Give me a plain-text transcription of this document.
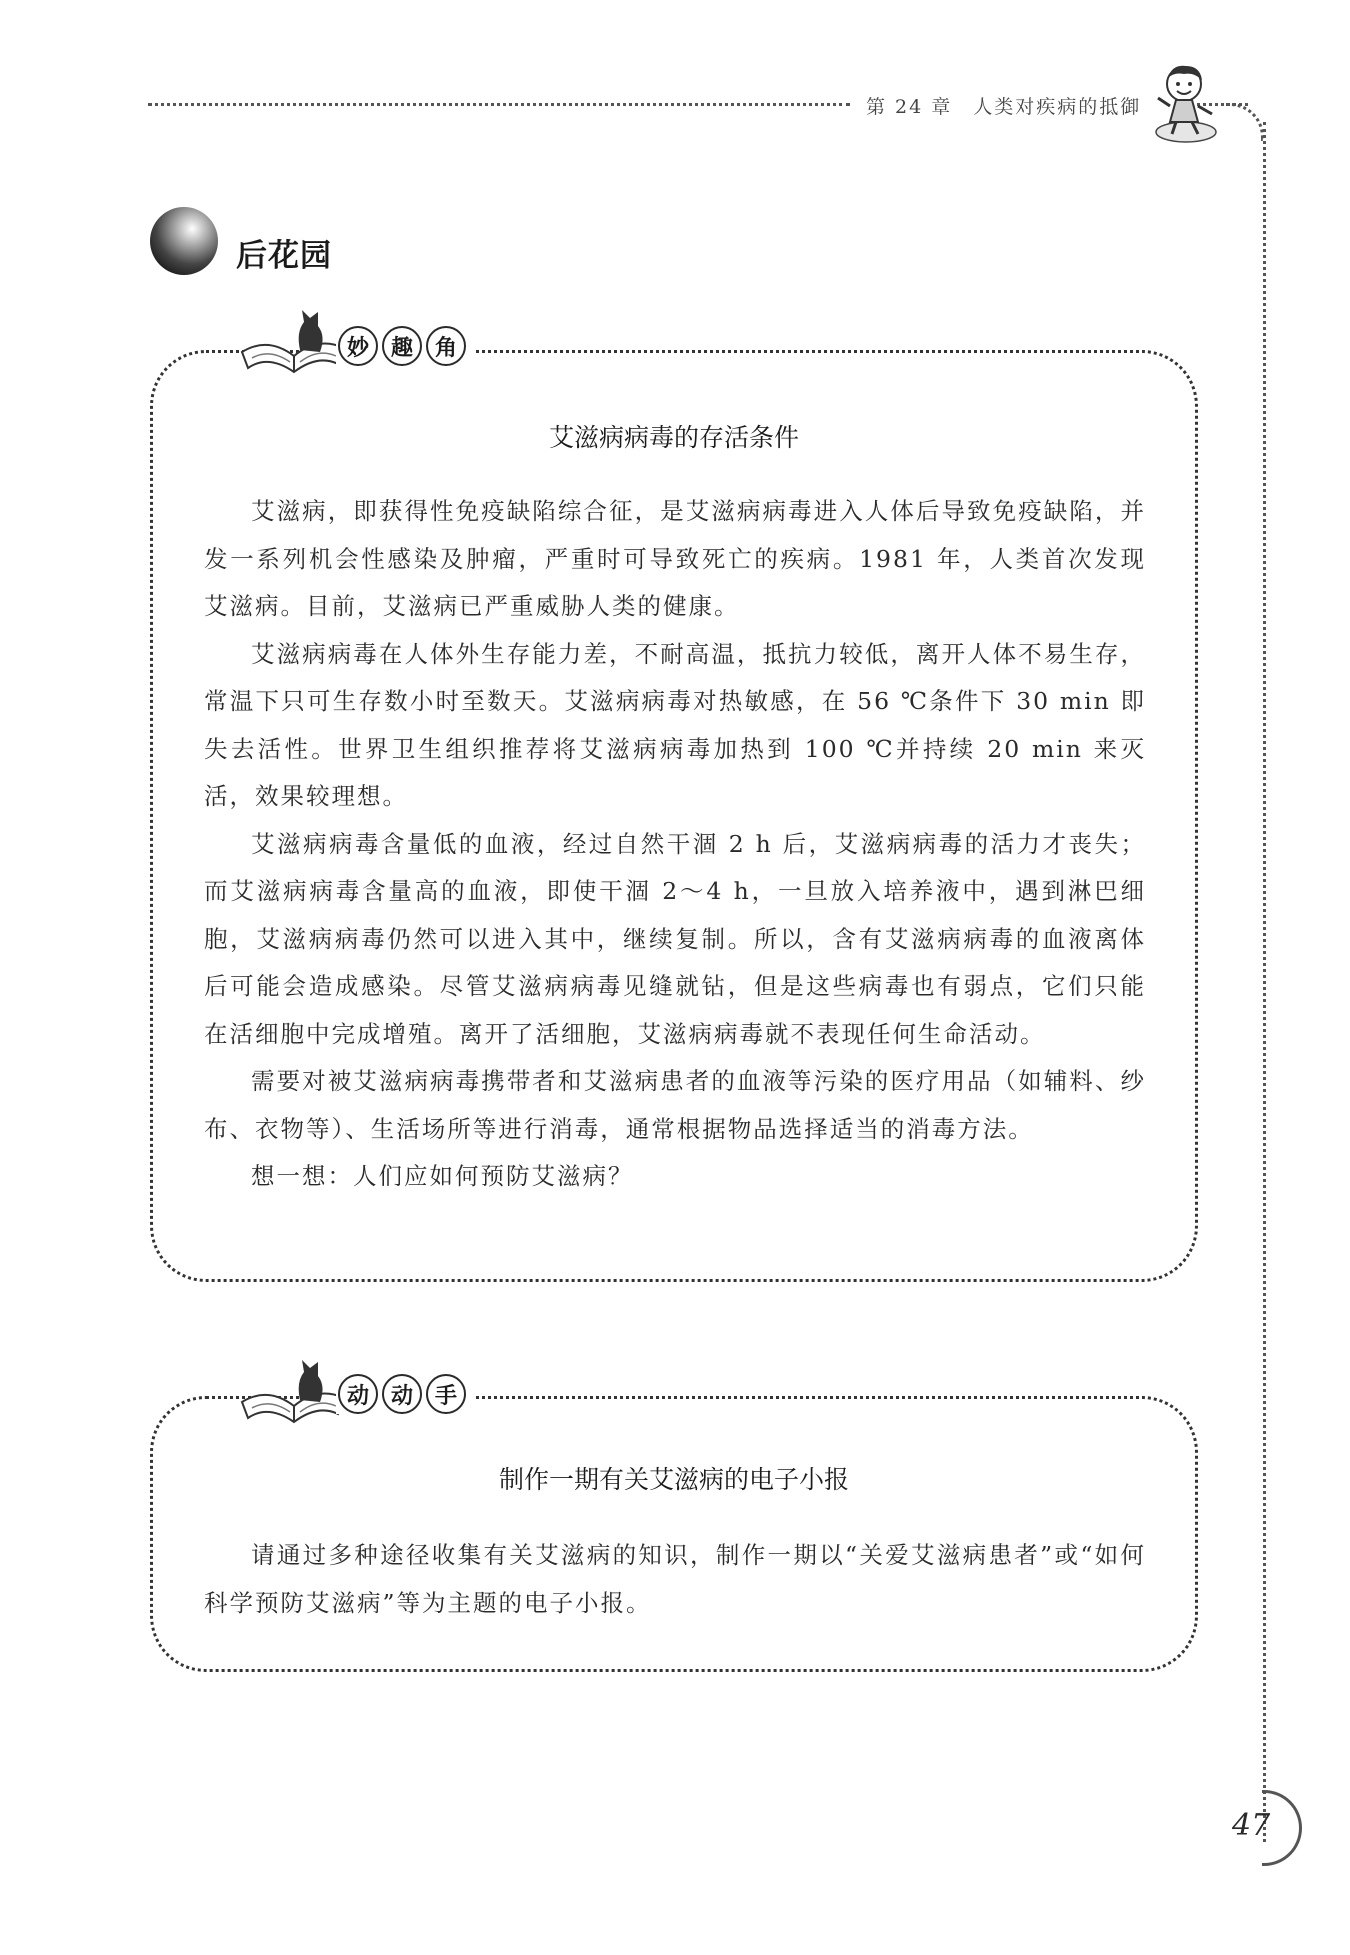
第 24 章　人类对疾病的抵御
后花园
妙 趣 角
艾滋病病毒的存活条件

艾滋病，即获得性免疫缺陷综合征，是艾滋病病毒进入人体后导致免疫缺陷，并发一系列机会性感染及肿瘤，严重时可导致死亡的疾病。1981 年，人类首次发现艾滋病。目前，艾滋病已严重威胁人类的健康。

艾滋病病毒在人体外生存能力差，不耐高温，抵抗力较低，离开人体不易生存，常温下只可生存数小时至数天。艾滋病病毒对热敏感，在 56 ℃条件下 30 min 即失去活性。世界卫生组织推荐将艾滋病病毒加热到 100 ℃并持续 20 min 来灭活，效果较理想。

艾滋病病毒含量低的血液，经过自然干涸 2 h 后，艾滋病病毒的活力才丧失；而艾滋病病毒含量高的血液，即使干涸 2～4 h，一旦放入培养液中，遇到淋巴细胞，艾滋病病毒仍然可以进入其中，继续复制。所以，含有艾滋病病毒的血液离体后可能会造成感染。尽管艾滋病病毒见缝就钻，但是这些病毒也有弱点，它们只能在活细胞中完成增殖。离开了活细胞，艾滋病病毒就不表现任何生命活动。

需要对被艾滋病病毒携带者和艾滋病患者的血液等污染的医疗用品（如辅料、纱布、衣物等）、生活场所等进行消毒，通常根据物品选择适当的消毒方法。

想一想：人们应如何预防艾滋病？

动 动 手
制作一期有关艾滋病的电子小报

请通过多种途径收集有关艾滋病的知识，制作一期以“关爱艾滋病患者”或“如何科学预防艾滋病”等为主题的电子小报。

47
